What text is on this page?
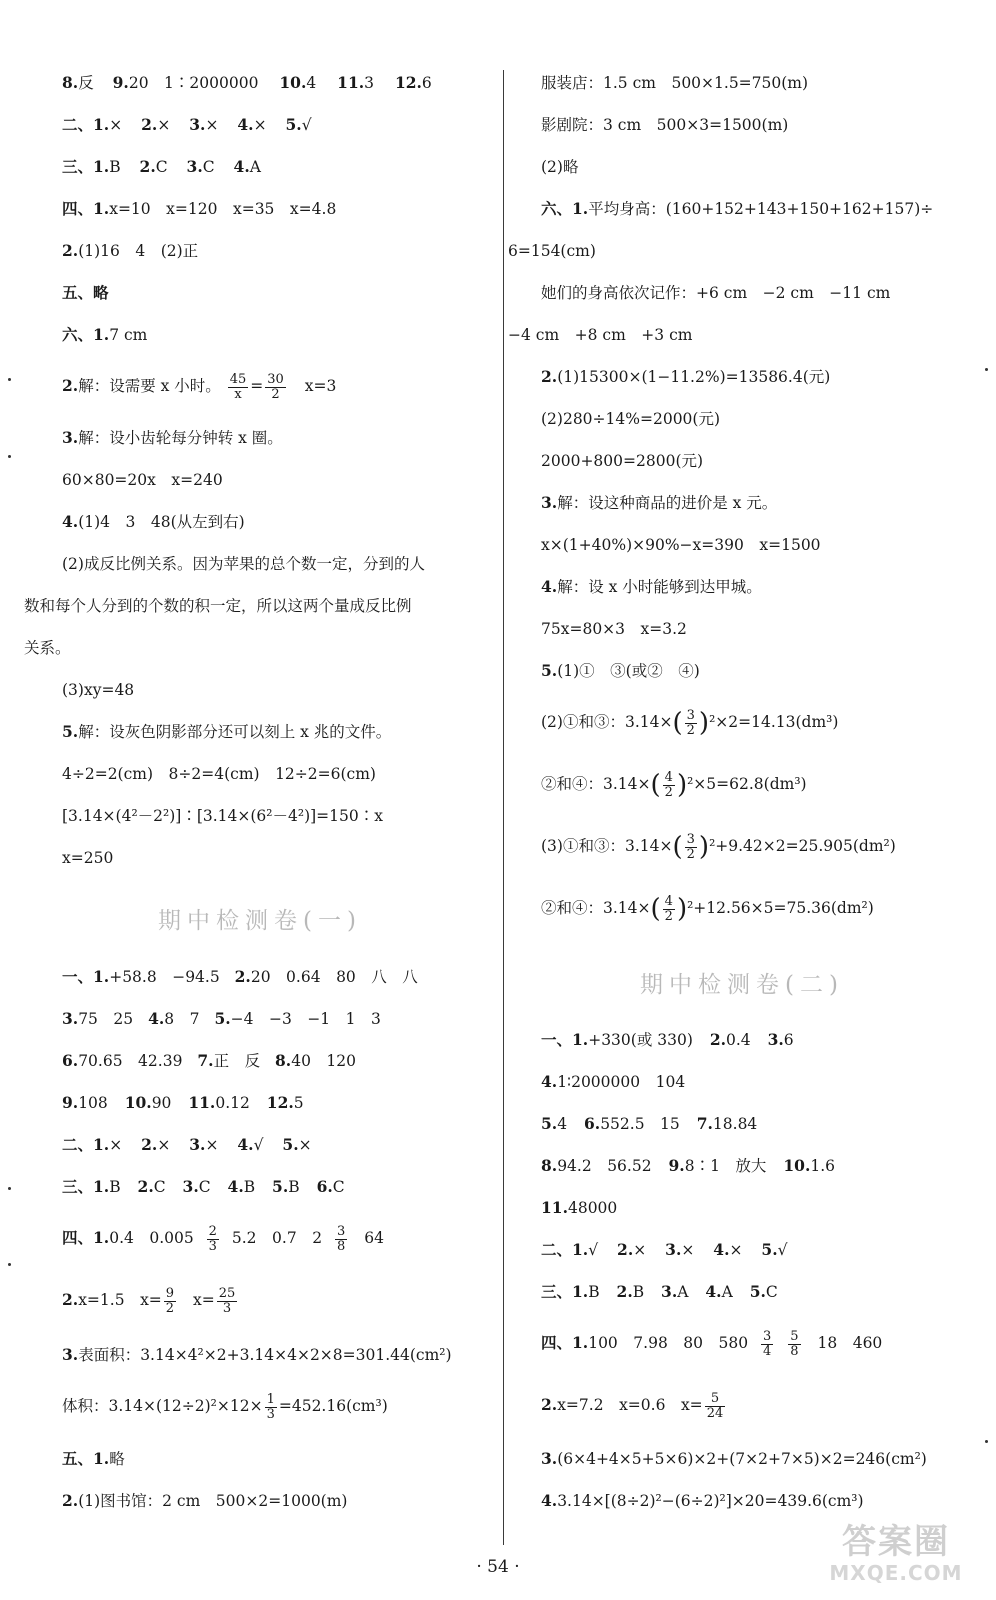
8.反 9.20　1∶2000000 10.4 11.3 12.6
二、1.× 2.× 3.× 4.× 5.√
三、1.B 2.C 3.C 4.A
四、1.x=10　x=120　x=35　x=4.8
2.(1)16　4　(2)正
五、略
六、1.7 cm
2.解：设需要 x 小时。 $\frac{45}{x} = \frac{30}{2} x=3$
3.解：设小齿轮每分钟转 x 圈。
60×80=20x　x=240
4.(1)4　3　48(从左到右)
(2)成反比例关系。因为苹果的总个数一定，分到的人
数和每个人分到的个数的积一定，所以这两个量成反比例
关系。
(3)xy=48
5.解：设灰色阴影部分还可以刻上 x 兆的文件。
4÷2=2(cm)　8÷2=4(cm)　12÷2=6(cm)
[3.14×(4²－2²)]∶[3.14×(6²－4²)]=150∶x
x=250
期中检测卷(一)
一、1.+58.8　−94.5 2.20　0.64　80　八　八
3.75　25 4.8　7 5.−4　−3　−1　1　3
6.70.65　42.39 7.正　反 8.40　120
9.108 10.90 11.0.12 12.5
二、1.× 2.× 3.× 4.√ 5.×
三、1.B 2.C 3.C 4.B 5.B 6.C
四、1.0.4　$0.005 \frac{2}{3} 5.2$　0.7　$2 \frac{3}{8} 64$
2.x=1.5　$x= \frac{9}{2} x= \frac{25}{3}$
3.表面积：3.14×4²×2+3.14×4×2×8=301.44(cm²)
体积：$3.14\times(12\div 2)^2\times 12\times \frac{1}{3} =452.16(cm^3)$
五、1.略
2.(1)图书馆：2 cm　500×2=1000(m)
服装店：1.5 cm　500×1.5=750(m)
影剧院：3 cm　500×3=1500(m)
(2)略
六、1.平均身高：(160+152+143+150+162+157)÷
6=154(cm)
她们的身高依次记作：+6 cm　−2 cm　−11 cm
−4 cm　+8 cm　+3 cm
2.(1)15300×(1−11.2%)=13586.4(元)
(2)280÷14%=2000(元)
2000+800=2800(元)
3.解：设这种商品的进价是 x 元。
x×(1+40%)×90%−x=390　x=1500
4.解：设 x 小时能够到达甲城。
75x=80×3　x=3.2
5.(1)①　③(或②　④)
(2)①和③：$3.14\times( \frac{3}{2} )^2\times 2=14.13(dm^3)$
②和④：$3.14\times( \frac{4}{2} )^2\times 5=62.8(dm^3)$
(3)①和③：$3.14\times( \frac{3}{2} )^2+9.42\times 2=25.905(dm^2)$
②和④：$3.14\times( \frac{4}{2} )^2+12.56\times 5=75.36(dm^2)$
期中检测卷(二)
一、1.+330(或 330) 2.0.4 3.6
4.1∶2000000　104
5.4 6.552.5　15 7.18.84
8.94.2　56.52 9.8∶1　放大 10.1.6
11.48000
二、1.√ 2.× 3.× 4.× 5.√
三、1.B 2.B 3.A 4.A 5.C
四、1.100　7.98　80　$580 \frac{3}{4}$
$\frac{5}{8} 18$　460
2.x=7.2　x=0.6　$x= \frac{5}{24}$
3.(6×4+4×5+5×6)×2+(7×2+7×5)×2=246(cm²)
4.3.14×[(8÷2)²−(6÷2)²]×20=439.6(cm³)
· 54 ·
答案圈
MXQE.COM
